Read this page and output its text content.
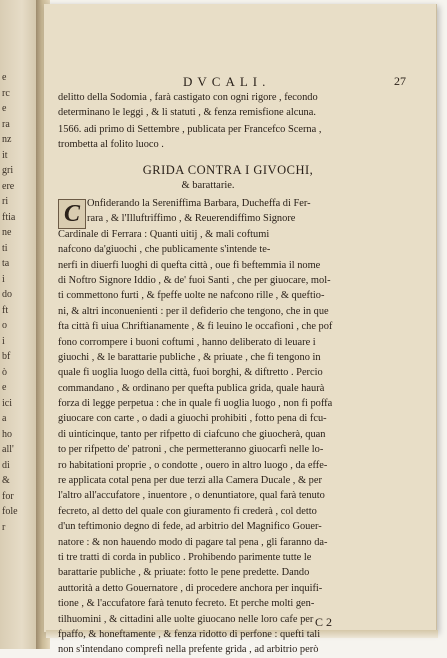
e
rc
e
ra
nz
it
gri
ere
ri
ftia
ne
ti
ta
i
do
ft
o
i
bf
ò
e
ici
a
ho
all'
di
&
for
fole
r
DVCALI.	27
delitto della Sodomia , farà castigato con ogni rigore , fecondo
determinano le leggi , & li statuti , & fenza remisfione alcuna.
1566. adi primo di Settembre , publicata per Francefco Scerna ,
trombetta al folito luoco .
GRIDA CONTRA I GIVOCHI,
& barattarie.
C Onfiderando la Sereniffima Barbara, Ducheffa di Fer-
rara , & l'Illuftriffimo , & Reuerendiffimo Signore
Cardinale di Ferrara : Quanti uitij , & mali coftumi
nafcono da'giuochi , che publicamente s'intende te-
nerfi in diuerfi luoghi di quefta città , oue fi beftemmia il nome
di Noftro Signore Iddio , & de' fuoi Santi , che per giuocare, mol-
ti commettono furti , & fpeffe uolte ne nafcono rille , & queftio-
ni, & altri inconuenienti : per il defiderio che tengono, che in que
fta città fi uiua Chriftianamente , & fi leuino le occafioni , che pof
fono corrompere i buoni coftumi , hanno deliberato di leuare i
giuochi , & le barattarie publiche , & priuate , che fi tengono in
quale fi uoglia luogo della città, fuoi borghi, & diftretto . Percio
commandano , & ordinano per quefta publica grida, quale haurà
forza di legge perpetua : che in quale fi uoglia luogo , non fi poffa
giuocare con carte , o dadi a giuochi prohibiti , fotto pena di fcu-
di uintícinque, tanto per rifpetto di ciafcuno che giuocherà, quan
to per rifpetto de' patroni , che permetteranno giuocarfi nelle lo-
ro habitationi proprie , o condotte , ouero in altro luogo , da effe-
re applicata cotal pena per due terzi alla Camera Ducale , & per
l'altro all'accufatore , inuentore , o denuntiatore, qual farà tenuto
fecreto, al detto del quale con giuramento fi crederà , col detto
d'un teftimonio degno di fede, ad arbitrio del Magnifico Gouer-
natore : & non hauendo modo di pagare tal pena , gli faranno da-
ti tre tratti di corda in publico . Prohibendo parimente tutte le
barattarie publiche , & priuate: fotto le pene predette. Dando
auttorità a detto Gouernatore , di procedere anchora per inquifi-
tione , & l'accufatore farà tenuto fecreto. Et perche molti gen-
tilhuomini , & cittadini alle uolte giuocano nelle loro cafe per
fpaffo, & honeftamente , & fenza ridotto di perfone : quefti tali
non s'intendano comprefi nella prefente grida , ad arbitrio però
C 2
